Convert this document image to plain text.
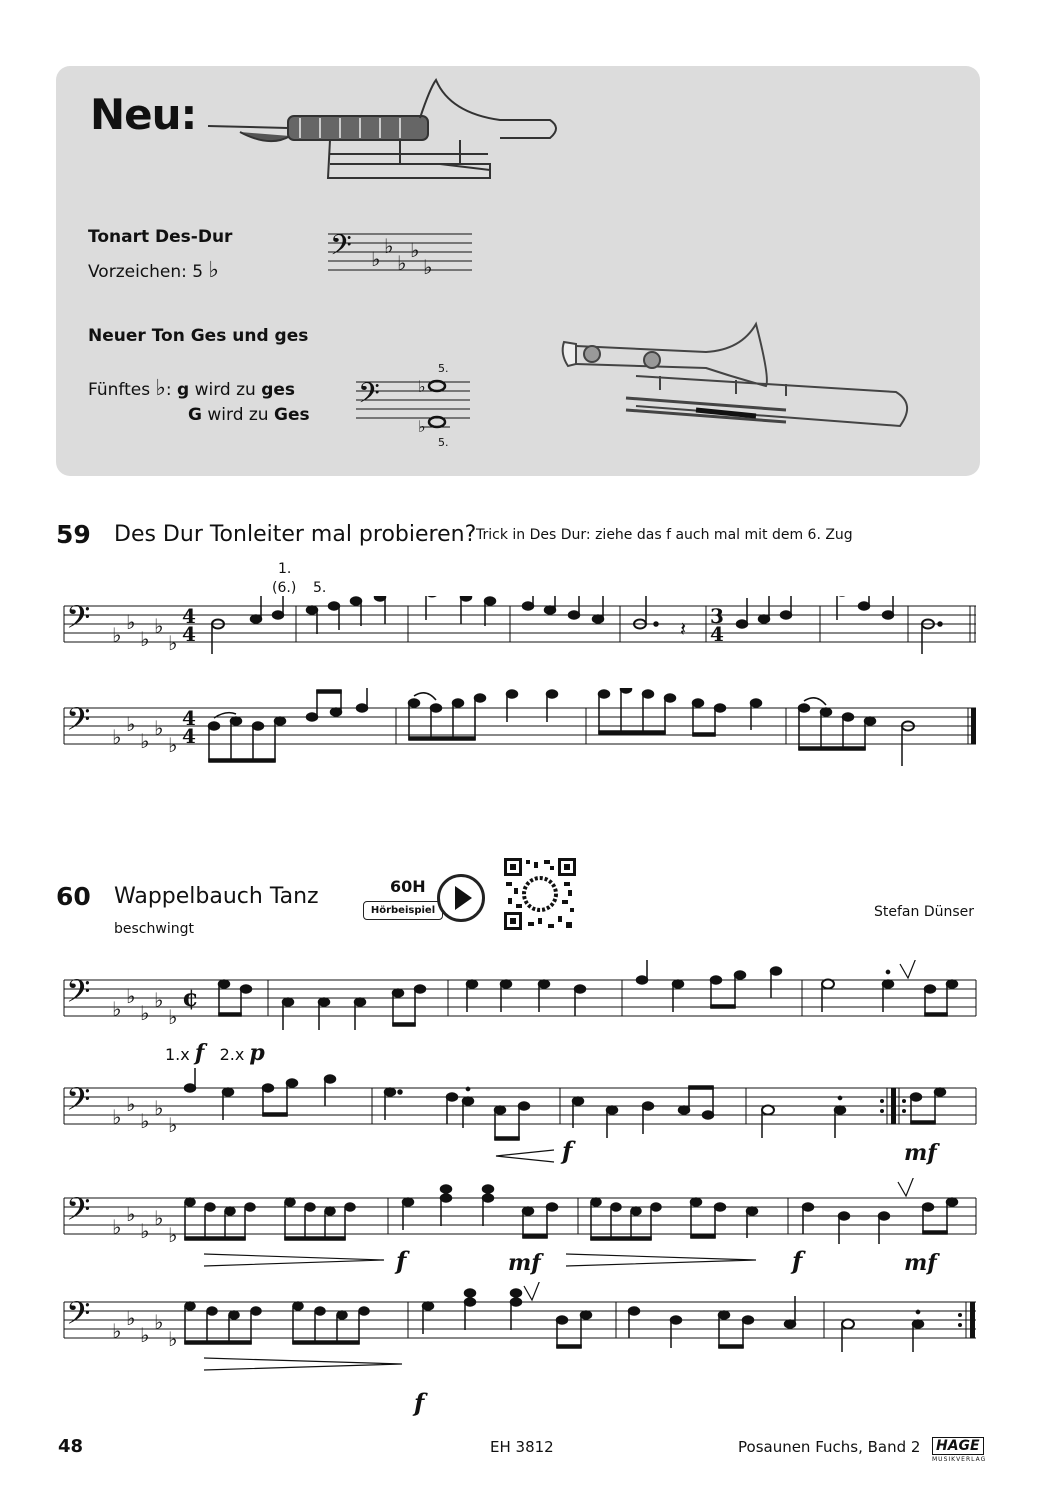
Neu:
Tonart Des-Dur
Vorzeichen: 5 ♭
𝄢 ♭
♭
♭
♭
♭
Neuer Ton Ges und ges
Fünftes ♭: g wird zu ges
G wird zu Ges
5.
𝄢 ♭
♭
5.
59 Des Dur Tonleiter mal probieren? Trick in Des Dur: ziehe das f auch mal mit dem 6. Zug
1.
(6.) 5.
𝄢 ♭
♭
♭
♭
♭
4
4	𝄽
3
4
𝄢 ♭
♭
♭
♭
♭
4
4
60 Wappelbauch Tanz
beschwingt
Stefan Dünser
60H
Hörbeispiel
𝄢 ♭
♭
♭
♭
♭
¢
1.x f 2.x p
𝄢 ♭
♭
♭
♭
♭
f	mf
𝄢 ♭
♭
♭
♭
♭
f	mf	f	mf
𝄢 ♭
♭
♭
♭
♭
f
48	EH 3812	Posaunen Fuchs, Band 2 HAGE
MUSIKVERLAG
